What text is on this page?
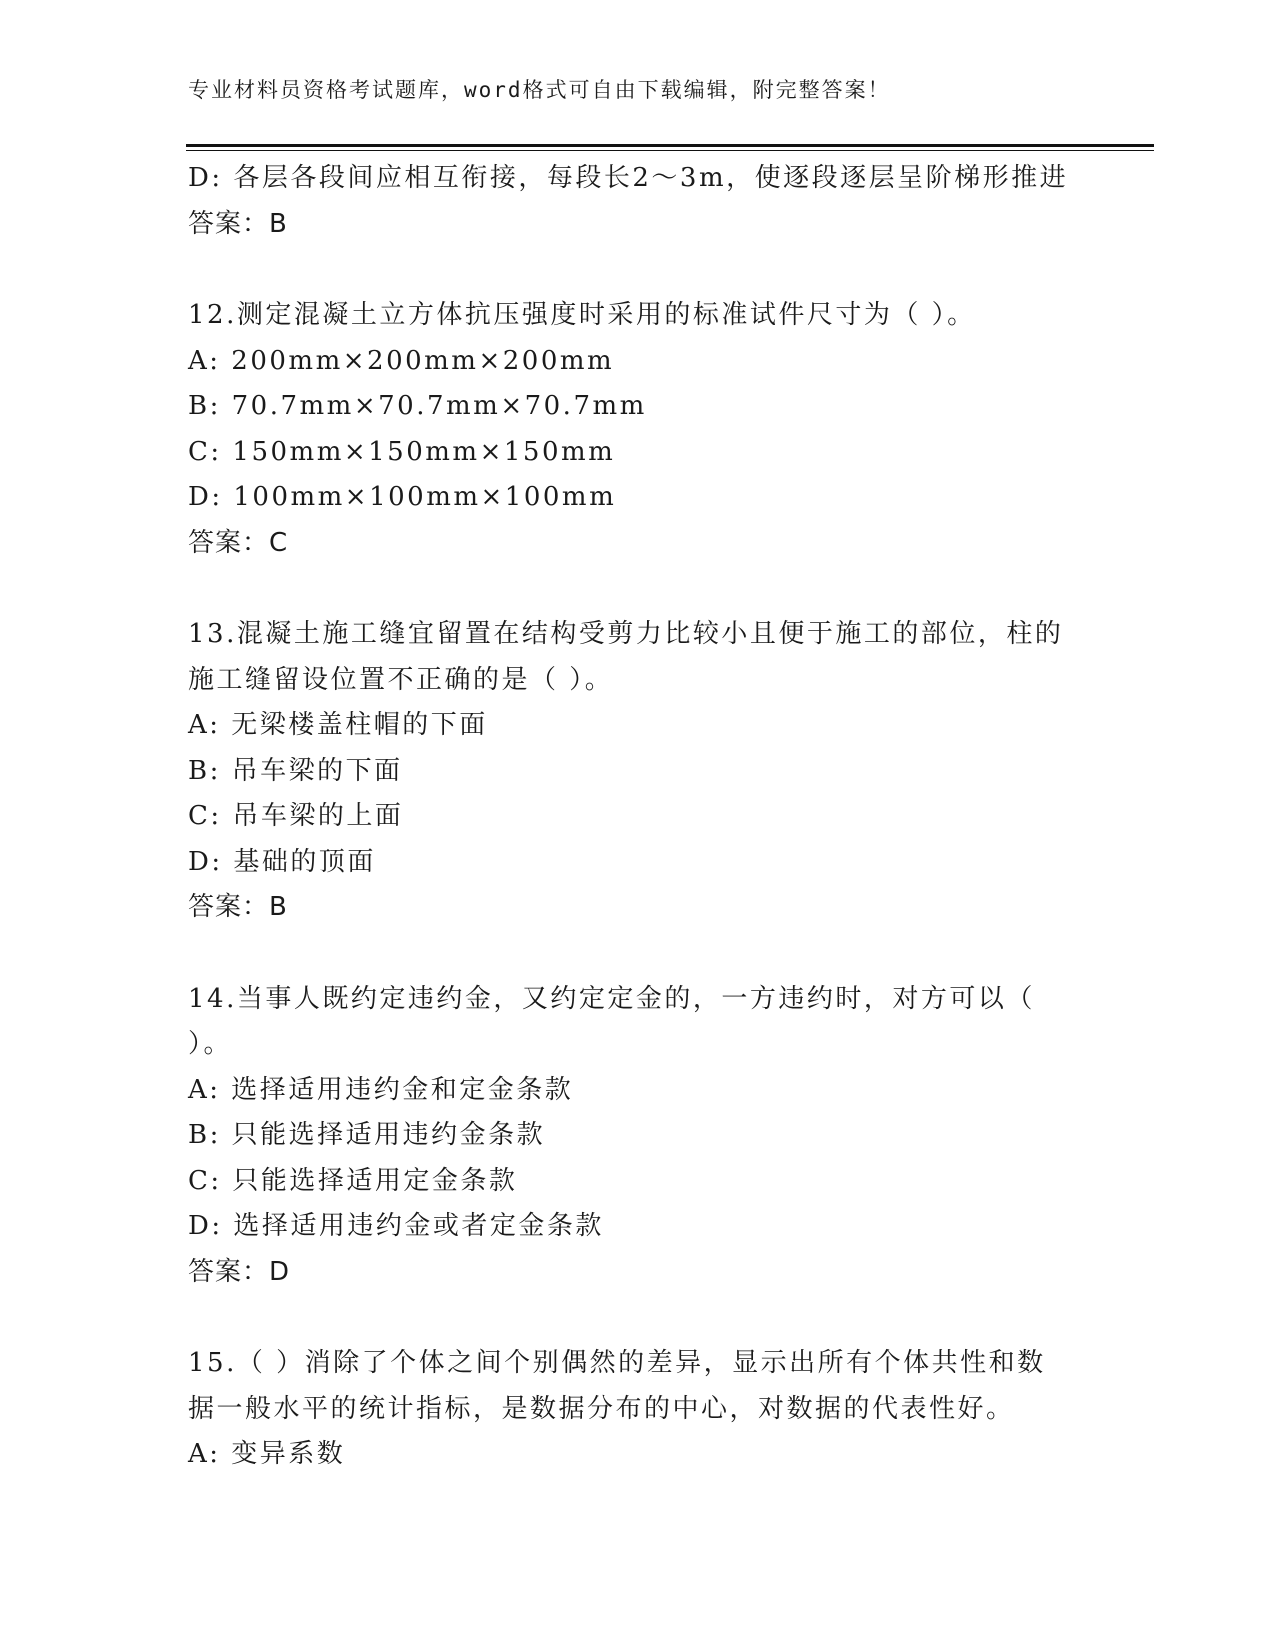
专业材料员资格考试题库，word格式可自由下载编辑，附完整答案！
D: 各层各段间应相互衔接，每段长2～3m，使逐段逐层呈阶梯形推进
答案：B
12.测定混凝土立方体抗压强度时采用的标准试件尺寸为（ ）。
A: 200mm×200mm×200mm
B: 70.7mm×70.7mm×70.7mm
C: 150mm×150mm×150mm
D: 100mm×100mm×100mm
答案：C
13.混凝土施工缝宜留置在结构受剪力比较小且便于施工的部位，柱的
施工缝留设位置不正确的是（ ）。
A: 无梁楼盖柱帽的下面
B: 吊车梁的下面
C: 吊车梁的上面
D: 基础的顶面
答案：B
14.当事人既约定违约金，又约定定金的，一方违约时，对方可以（
）。
A: 选择适用违约金和定金条款
B: 只能选择适用违约金条款
C: 只能选择适用定金条款
D: 选择适用违约金或者定金条款
答案：D
15.（ ）消除了个体之间个别偶然的差异，显示出所有个体共性和数
据一般水平的统计指标，是数据分布的中心，对数据的代表性好。
A: 变异系数
